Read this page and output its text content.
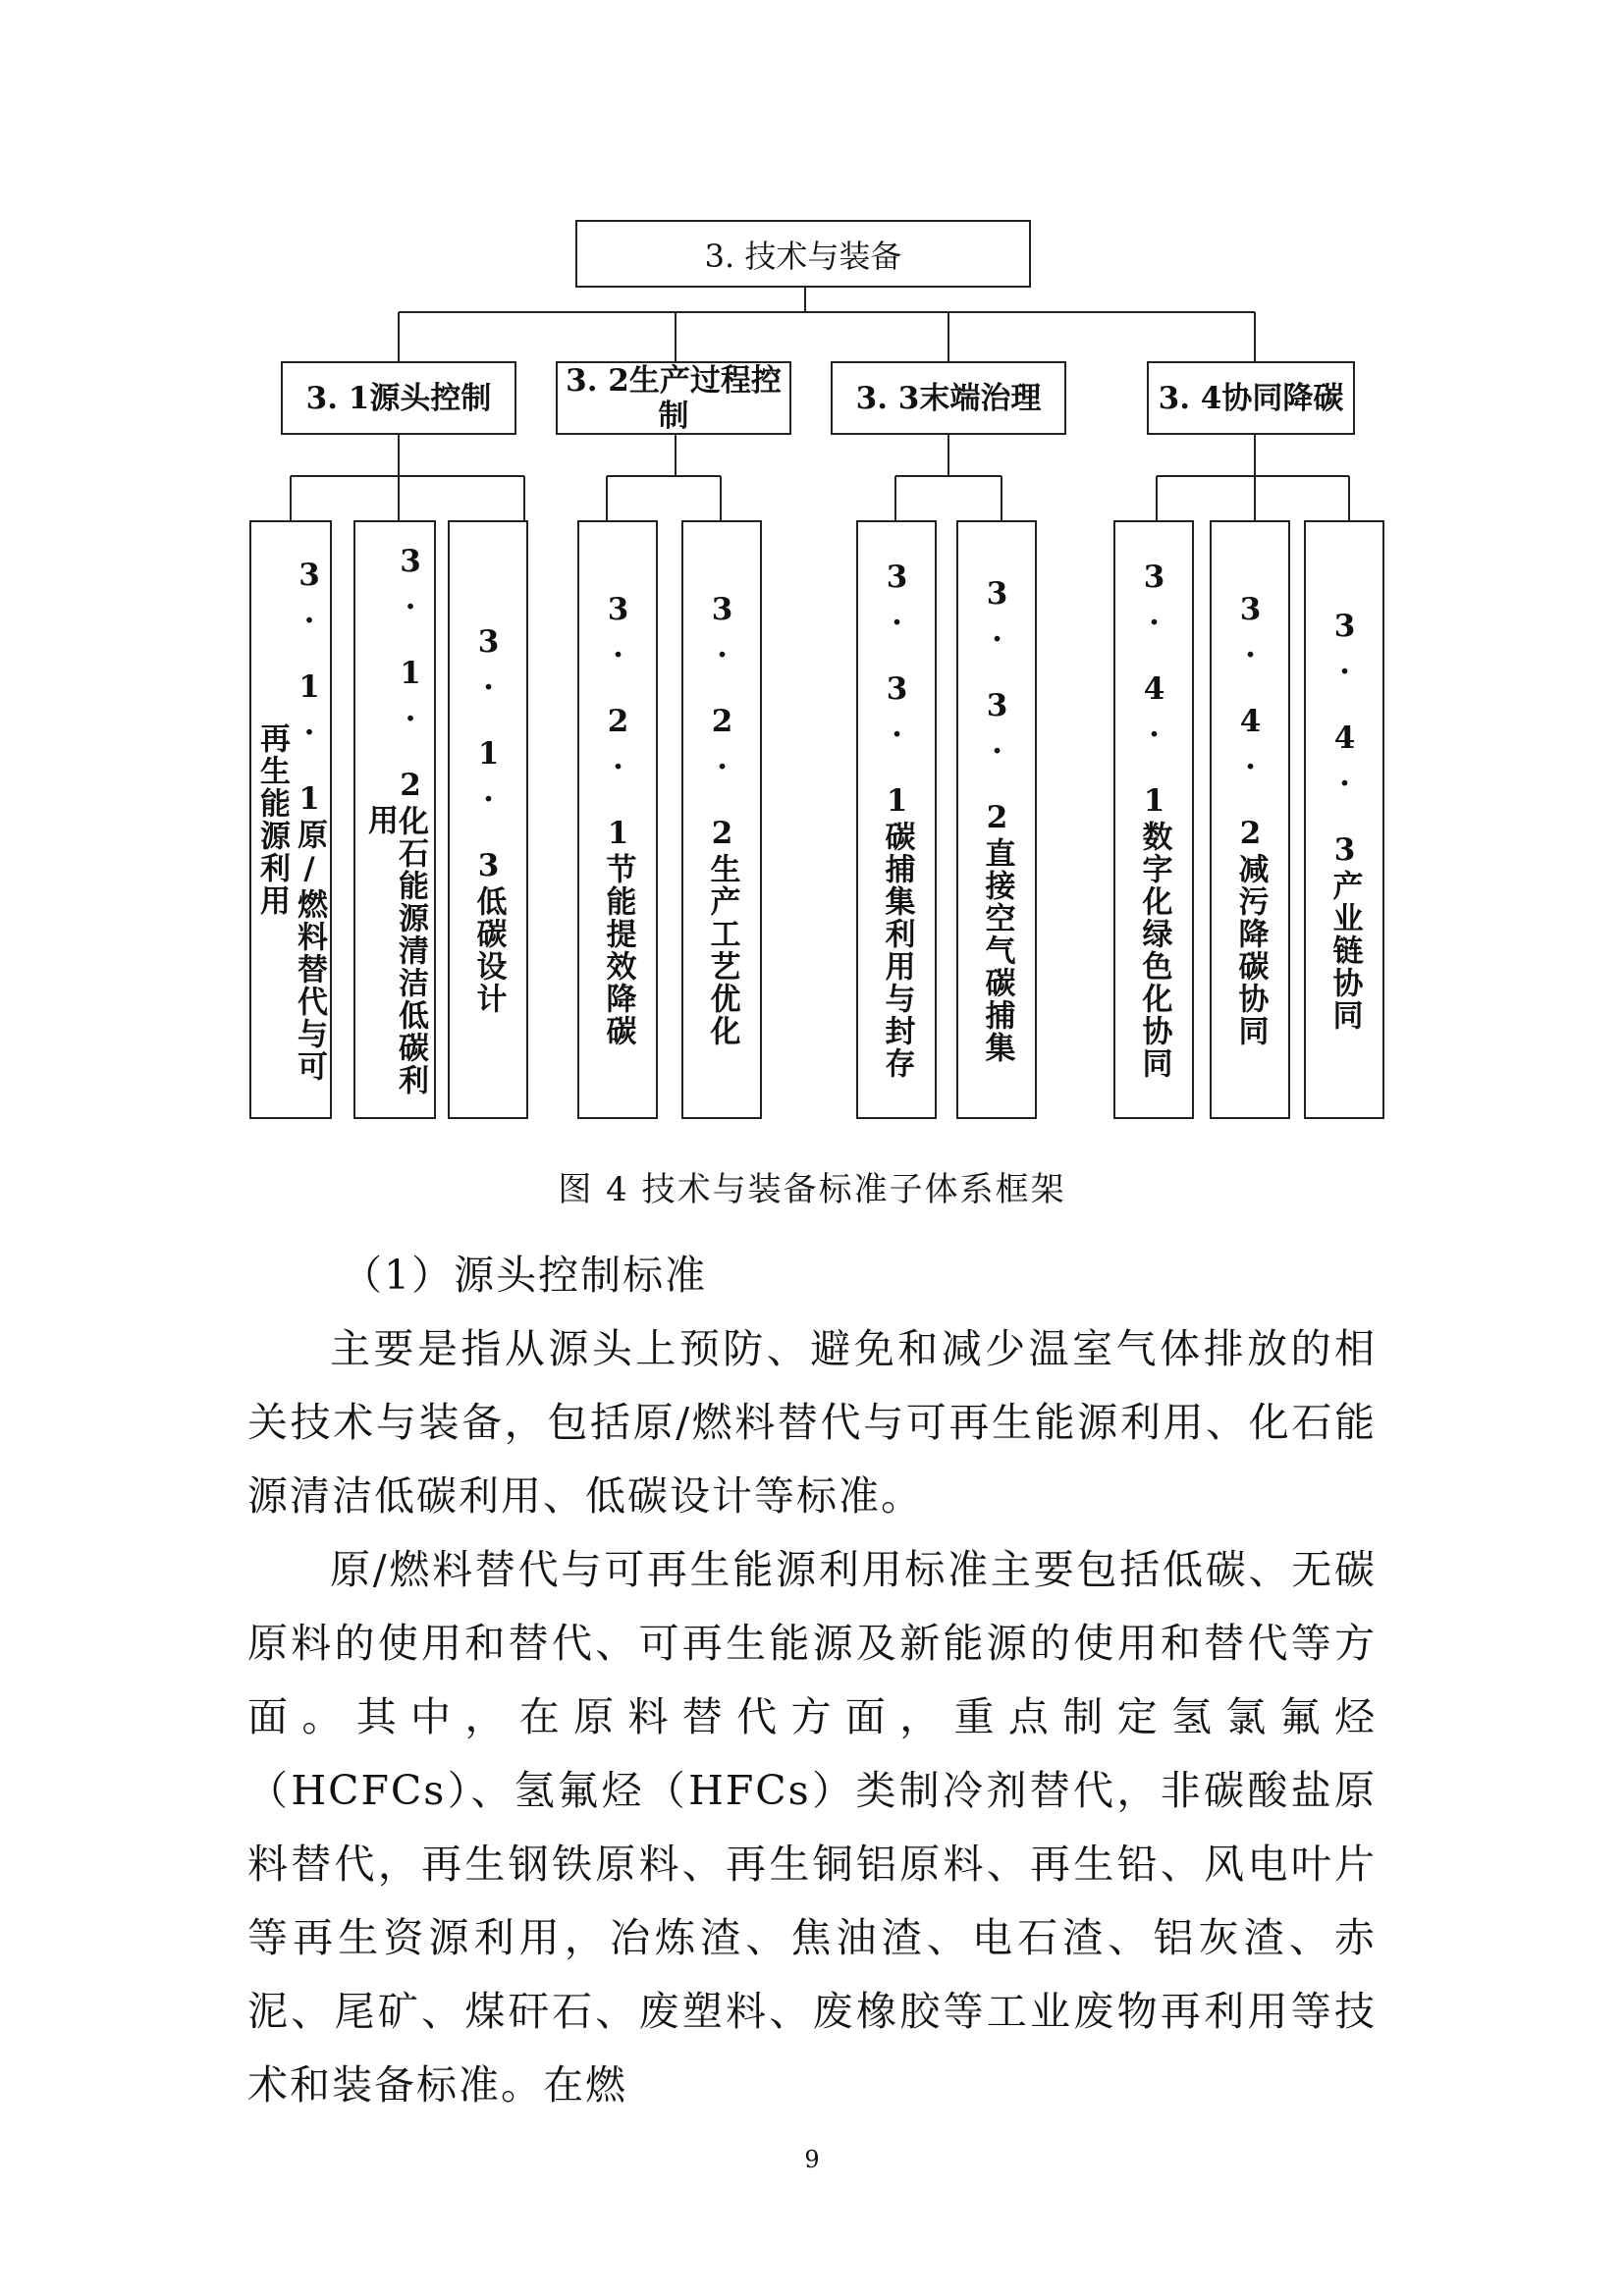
3. 技术与装备
3. 1源头控制	3. 2生产过程控制	3. 3末端治理	3. 4协同降碳
3. 1. 1原/燃料替代与可再生能源利用	3. 1. 2化石能源清洁低碳利用	3. 1. 3低碳设计	3. 2. 1节能提效降碳 3. 2. 2生产工艺优化	3. 3. 1碳捕集利用与封存 3. 3. 2直接空气碳捕集	3. 4. 1数字化绿色化协同 3. 4. 2减污降碳协同 3. 4. 3产业链协同
图 4 技术与装备标准子体系框架

（1）源头控制标准

主要是指从源头上预防、避免和减少温室气体排放的相关技术与装备，包括原/燃料替代与可再生能源利用、化石能源清洁低碳利用、低碳设计等标准。

原/燃料替代与可再生能源利用标准主要包括低碳、无碳原料的使用和替代、可再生能源及新能源的使用和替代等方面。其中，在原料替代方面，重点制定氢氯氟烃（HCFCs）、氢氟烃（HFCs）类制冷剂替代，非碳酸盐原料替代，再生钢铁原料、再生铜铝原料、再生铅、风电叶片等再生资源利用，冶炼渣、焦油渣、电石渣、铝灰渣、赤泥、尾矿、煤矸石、废塑料、废橡胶等工业废物再利用等技术和装备标准。在燃

9
